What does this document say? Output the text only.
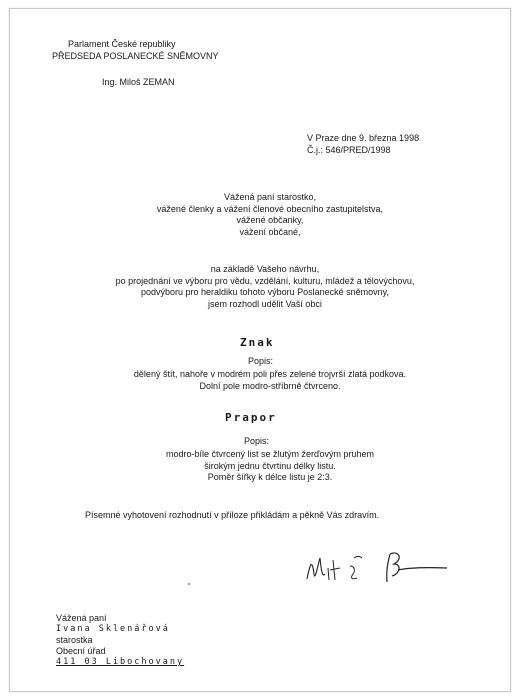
Parlament České republiky
PŘEDSEDA POSLANECKÉ SNĚMOVNY
Ing. Miloš ZEMAN
V Praze dne 9. března 1998
Č.j.: 546/PRED/1998
Vážená paní starostko,
vážené členky a vážení členové obecního zastupitelstva,
vážené občanky,
vážení občané,
na základě Vašeho návrhu,
po projednání ve výboru pro vědu, vzdělání, kulturu, mládež a tělovýchovu,
podvýboru pro heraldiku tohoto výboru Poslanecké sněmovny,
jsem rozhodl udělit Vaší obci
Znak
Popis:
dělený štít, nahoře v modrém poli přes zelené trojvrší zlatá podkova.
Dolní pole modro-stříbrně čtvrceno.
Prapor
Popis:
modro-bíle čtvrcený list se žlutým žerďovým pruhem
širokým jednu čtvrtinu délky listu.
Poměr šířky k délce listu je 2:3.
Písemné vyhotovení rozhodnutí v příloze přikládám a pěkně Vás zdravím.
Vážená paní
Ivana Sklenářová
starostka
Obecní úřad
411 03 Libochovany
